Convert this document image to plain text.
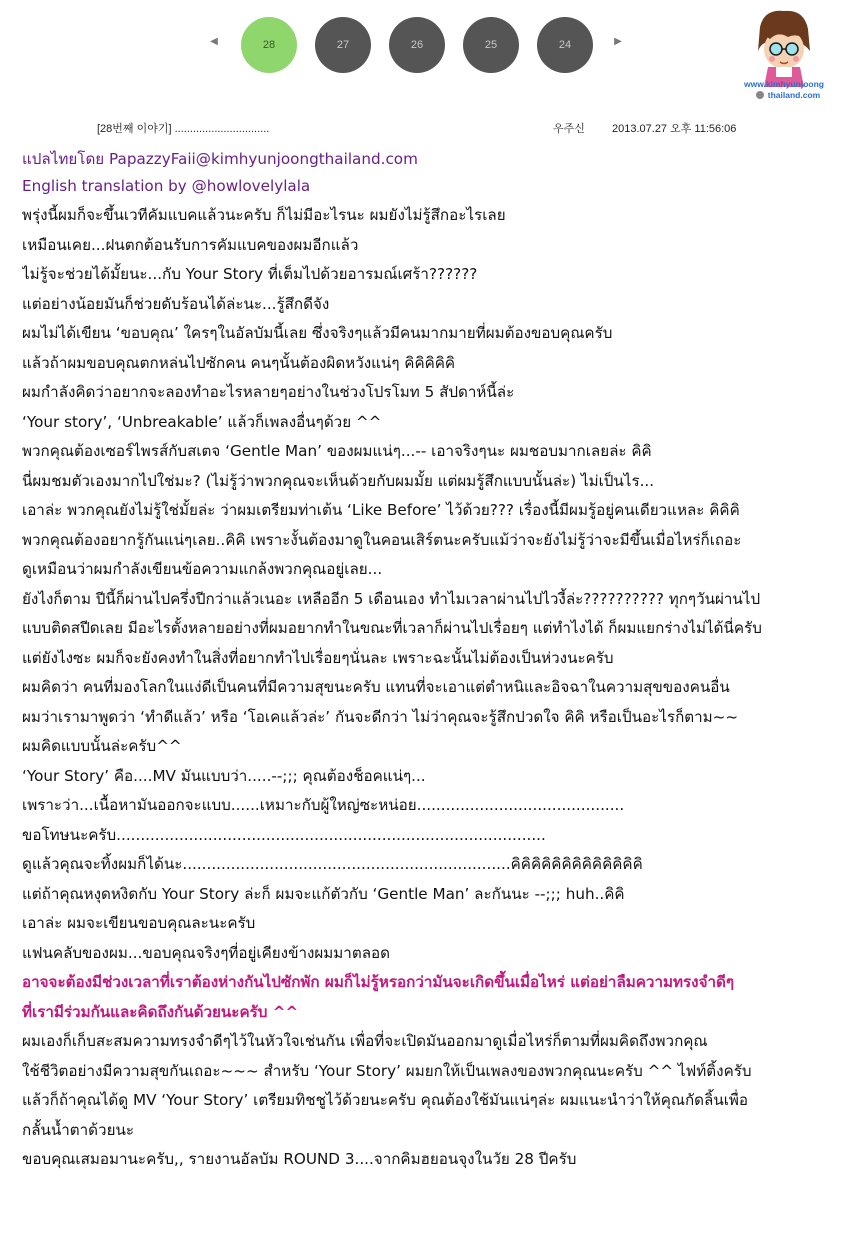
◀	28	27	26	25	24	▶
www.kimhyunjoong
thailand.com
[28번째 이야기] ...............................	우주신 2013.07.27 오후 11:56:06
แปลไทยโดย PapazzyFaii@kimhyunjoongthailand.com
English translation by @howlovelylala
พรุ่งนี้ผมก็จะขึ้นเวทีคัมแบคแล้วนะครับ ก็ไม่มีอะไรนะ ผมยังไม่รู้สึกอะไรเลย
เหมือนเคย...ฝนตกต้อนรับการคัมแบคของผมอีกแล้ว
ไม่รู้จะช่วยได้มั้ยนะ...กับ Your Story ที่เต็มไปด้วยอารมณ์เศร้า??????
แต่อย่างน้อยมันก็ช่วยดับร้อนได้ล่ะนะ...รู้สึกดีจัง
ผมไม่ได้เขียน ‘ขอบคุณ’ ใครๆในอัลบัมนี้เลย ซึ่งจริงๆแล้วมีคนมากมายที่ผมต้องขอบคุณครับ
แล้วถ้าผมขอบคุณตกหล่นไปซักคน คนๆนั้นต้องผิดหวังแน่ๆ คิคิคิคิคิ
ผมกำลังคิดว่าอยากจะลองทำอะไรหลายๆอย่างในช่วงโปรโมท 5 สัปดาห์นี้ล่ะ
‘Your story’, ‘Unbreakable’ แล้วก็เพลงอื่นๆด้วย ^^
พวกคุณต้องเซอร์ไพรส์กับสเตจ ‘Gentle Man’ ของผมแน่ๆ...-- เอาจริงๆนะ ผมชอบมากเลยล่ะ คิคิ
นี่ผมชมตัวเองมากไปใช่มะ? (ไม่รู้ว่าพวกคุณจะเห็นด้วยกับผมมั้ย แต่ผมรู้สึกแบบนั้นล่ะ) ไม่เป็นไร...
เอาล่ะ พวกคุณยังไม่รู้ใช่มั้ยล่ะ ว่าผมเตรียมท่าเต้น ‘Like Before’ ไว้ด้วย??? เรื่องนี้มีผมรู้อยู่คนเดียวแหละ คิคิคิ
พวกคุณต้องอยากรู้กันแน่ๆเลย..คิคิ เพราะงั้นต้องมาดูในคอนเสิร์ตนะครับแม้ว่าจะยังไม่รู้ว่าจะมีขึ้นเมื่อไหร่ก็เถอะ
ดูเหมือนว่าผมกำลังเขียนข้อความแกล้งพวกคุณอยู่เลย...
ยังไงก็ตาม ปีนี้ก็ผ่านไปครึ่งปีกว่าแล้วเนอะ เหลืออีก 5 เดือนเอง ทำไมเวลาผ่านไปไวงี้ล่ะ?????????? ทุกๆวันผ่านไป
แบบติดสปีดเลย มีอะไรตั้งหลายอย่างที่ผมอยากทำในขณะที่เวลาก็ผ่านไปเรื่อยๆ แต่ทำไงได้ ก็ผมแยกร่างไม่ได้นี่ครับ
แต่ยังไงซะ ผมก็จะยังคงทำในสิ่งที่อยากทำไปเรื่อยๆนั่นละ เพราะฉะนั้นไม่ต้องเป็นห่วงนะครับ
ผมคิดว่า คนที่มองโลกในแง่ดีเป็นคนที่มีความสุขนะครับ แทนที่จะเอาแต่ตำหนิและอิจฉาในความสุขของคนอื่น
ผมว่าเรามาพูดว่า ‘ทำดีแล้ว’ หรือ ‘โอเคแล้วล่ะ’ กันจะดีกว่า ไม่ว่าคุณจะรู้สึกปวดใจ คิคิ หรือเป็นอะไรก็ตาม~~
ผมคิดแบบนั้นล่ะครับ^^
‘Your Story’ คือ....MV มันแบบว่า.....--;;; คุณต้องช็อคแน่ๆ...
เพราะว่า...เนื้อหามันออกจะแบบ......เหมาะกับผู้ใหญ่ซะหน่อย...........................................
ขอโทษนะครับ.........................................................................................
ดูแล้วคุณจะทิ้งผมก็ได้นะ....................................................................คิคิคิคิคิคิคิคิคิคิคิคิคิ
แต่ถ้าคุณหงุดหงิดกับ Your Story ล่ะก็ ผมจะแก้ตัวกับ ‘Gentle Man’ ละกันนะ --;;; huh..คิคิ
เอาล่ะ ผมจะเขียนขอบคุณละนะครับ
แฟนคลับของผม...ขอบคุณจริงๆที่อยู่เคียงข้างผมมาตลอด
อาจจะต้องมีช่วงเวลาที่เราต้องห่างกันไปซักพัก ผมก็ไม่รู้หรอกว่ามันจะเกิดขึ้นเมื่อไหร่ แต่อย่าลืมความทรงจำดีๆ
ที่เรามีร่วมกันและคิดถึงกันด้วยนะครับ ^^
ผมเองก็เก็บสะสมความทรงจำดีๆไว้ในหัวใจเช่นกัน เพื่อที่จะเปิดมันออกมาดูเมื่อไหร่ก็ตามที่ผมคิดถึงพวกคุณ
ใช้ชีวิตอย่างมีความสุขกันเถอะ~~~ สำหรับ ‘Your Story’ ผมยกให้เป็นเพลงของพวกคุณนะครับ ^^ ไฟท์ติ้งครับ
แล้วก็ถ้าคุณได้ดู MV ‘Your Story’ เตรียมทิชชูไว้ด้วยนะครับ คุณต้องใช้มันแน่ๆล่ะ ผมแนะนำว่าให้คุณกัดลิ้นเพื่อ
กลั้นน้ำตาด้วยนะ
ขอบคุณเสมอมานะครับ,, รายงานอัลบัม ROUND 3....จากคิมฮยอนจุงในวัย 28 ปีครับ
